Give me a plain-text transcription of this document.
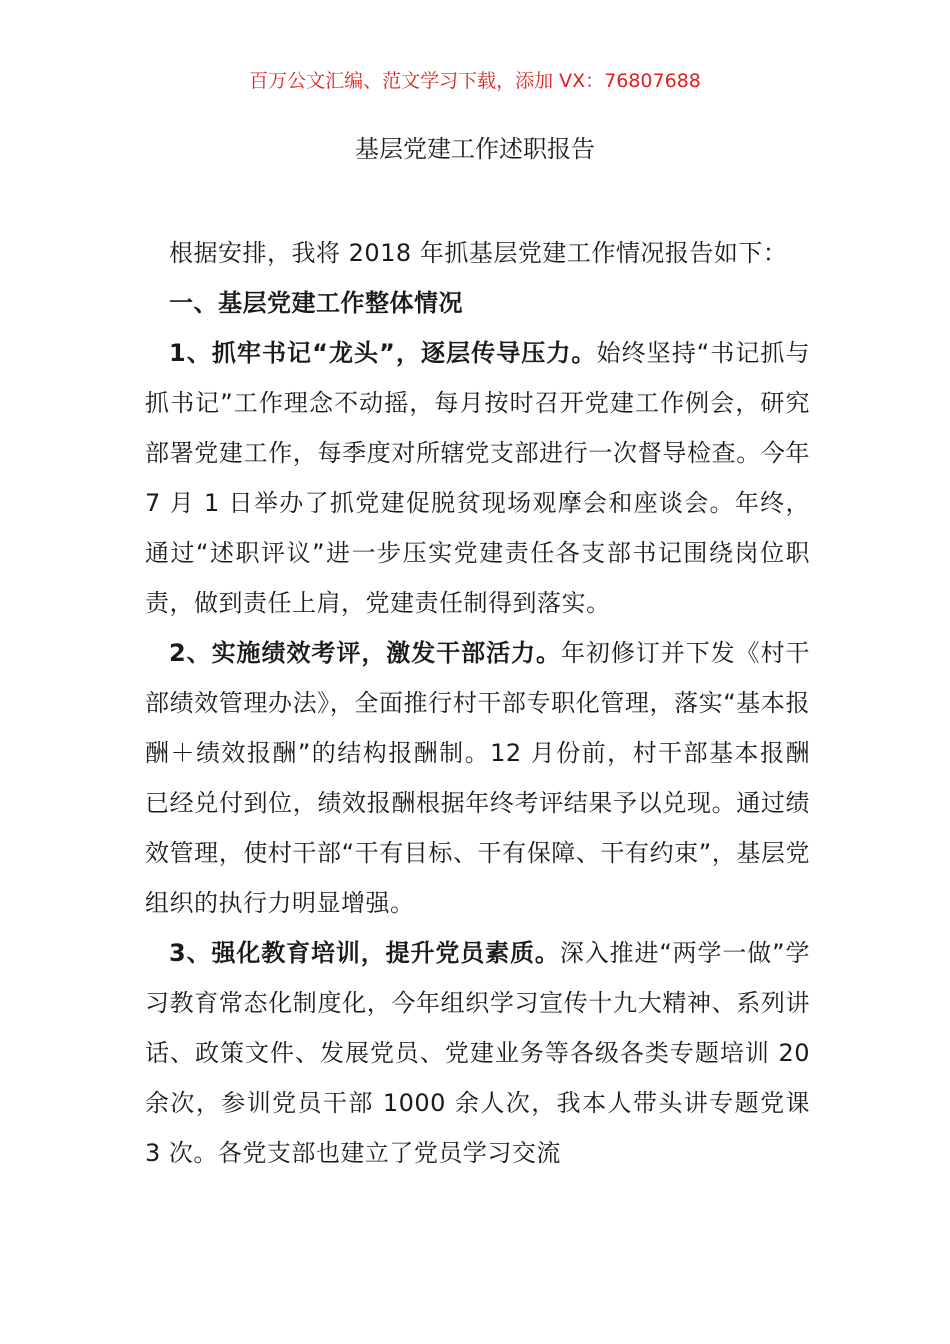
百万公文汇编、范文学习下载，添加 VX：76807688
基层党建工作述职报告

根据安排，我将 2018 年抓基层党建工作情况报告如下：

一、基层党建工作整体情况

1、抓牢书记“龙头”，逐层传导压力。始终坚持“书记抓与抓书记”工作理念不动摇，每月按时召开党建工作例会，研究部署党建工作，每季度对所辖党支部进行一次督导检查。今年 7 月 1 日举办了抓党建促脱贫现场观摩会和座谈会。年终，通过“述职评议”进一步压实党建责任各支部书记围绕岗位职责，做到责任上肩，党建责任制得到落实。

2、实施绩效考评，激发干部活力。年初修订并下发《村干部绩效管理办法》，全面推行村干部专职化管理，落实“基本报酬＋绩效报酬”的结构报酬制。12 月份前，村干部基本报酬已经兑付到位，绩效报酬根据年终考评结果予以兑现。通过绩效管理，使村干部“干有目标、干有保障、干有约束”，基层党组织的执行力明显增强。

3、强化教育培训，提升党员素质。深入推进“两学一做”学习教育常态化制度化，今年组织学习宣传十九大精神、系列讲话、政策文件、发展党员、党建业务等各级各类专题培训 20 余次，参训党员干部 1000 余人次，我本人带头讲专题党课 3 次。各党支部也建立了党员学习交流
